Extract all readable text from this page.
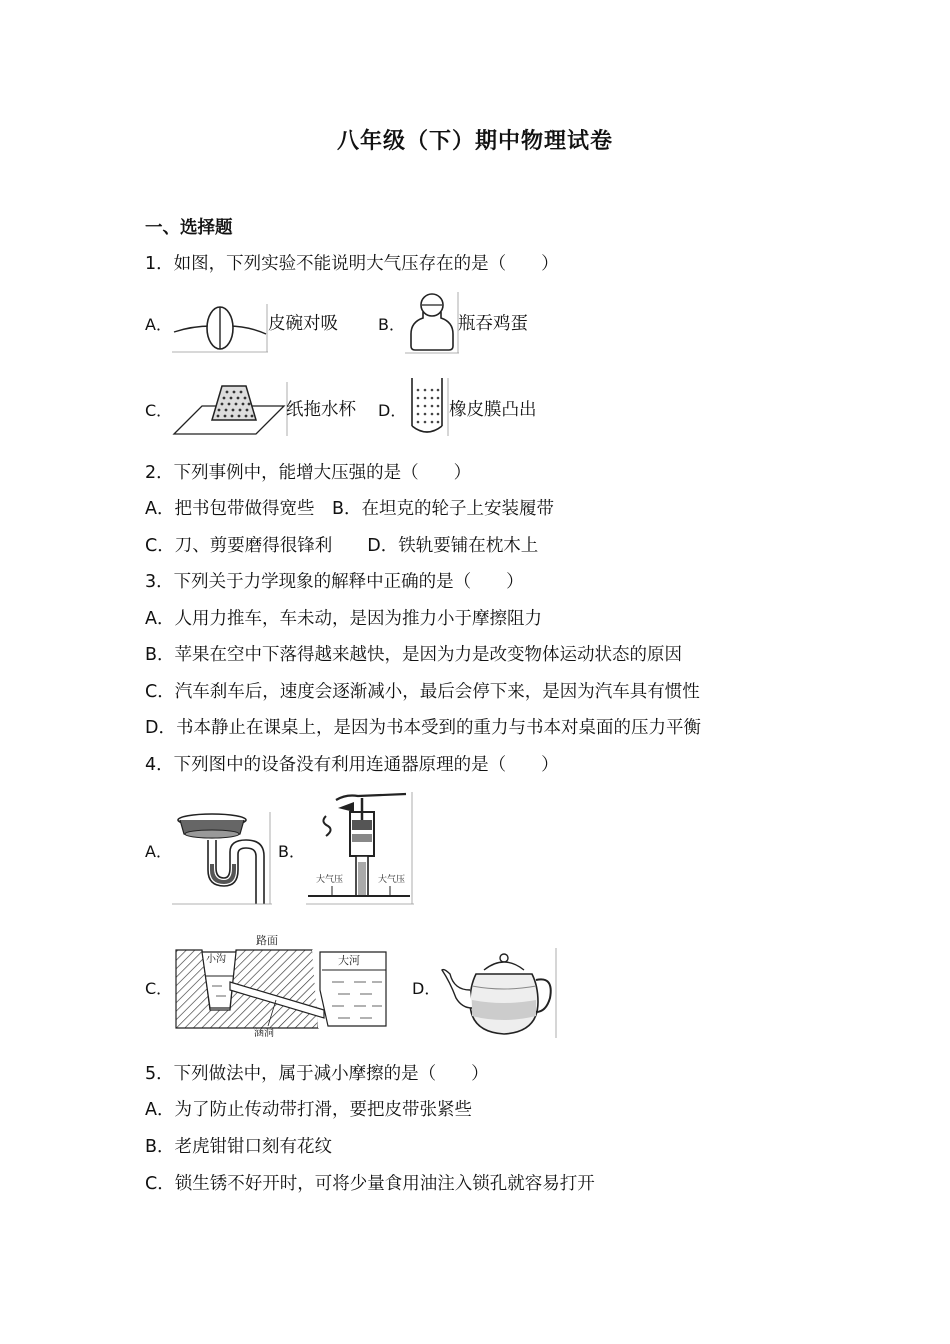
八年级（下）期中物理试卷
一、选择题
1．如图，下列实验不能说明大气压存在的是（　　）
A．	皮碗对吸	B．	瓶吞鸡蛋
C．	纸拖水杯 D． 橡皮膜凸出
2．下列事例中，能增大压强的是（　　）
A．把书包带做得宽些　B．在坦克的轮子上安装履带
C．刀、剪要磨得很锋利　　D．铁轨要铺在枕木上
3．下列关于力学现象的解释中正确的是（　　）
A．人用力推车，车未动，是因为推力小于摩擦阻力
B．苹果在空中下落得越来越快，是因为力是改变物体运动状态的原因
C．汽车刹车后，速度会逐渐减小，最后会停下来，是因为汽车具有惯性
D．书本静止在课桌上，是因为书本受到的重力与书本对桌面的压力平衡
4．下列图中的设备没有利用连通器原理的是（　　）
A．	B．
大气压	大气压
C．
路面
小沟	大河
涵洞
D．
5．下列做法中，属于减小摩擦的是（　　）
A．为了防止传动带打滑，要把皮带张紧些
B．老虎钳钳口刻有花纹
C．锁生锈不好开时，可将少量食用油注入锁孔就容易打开
